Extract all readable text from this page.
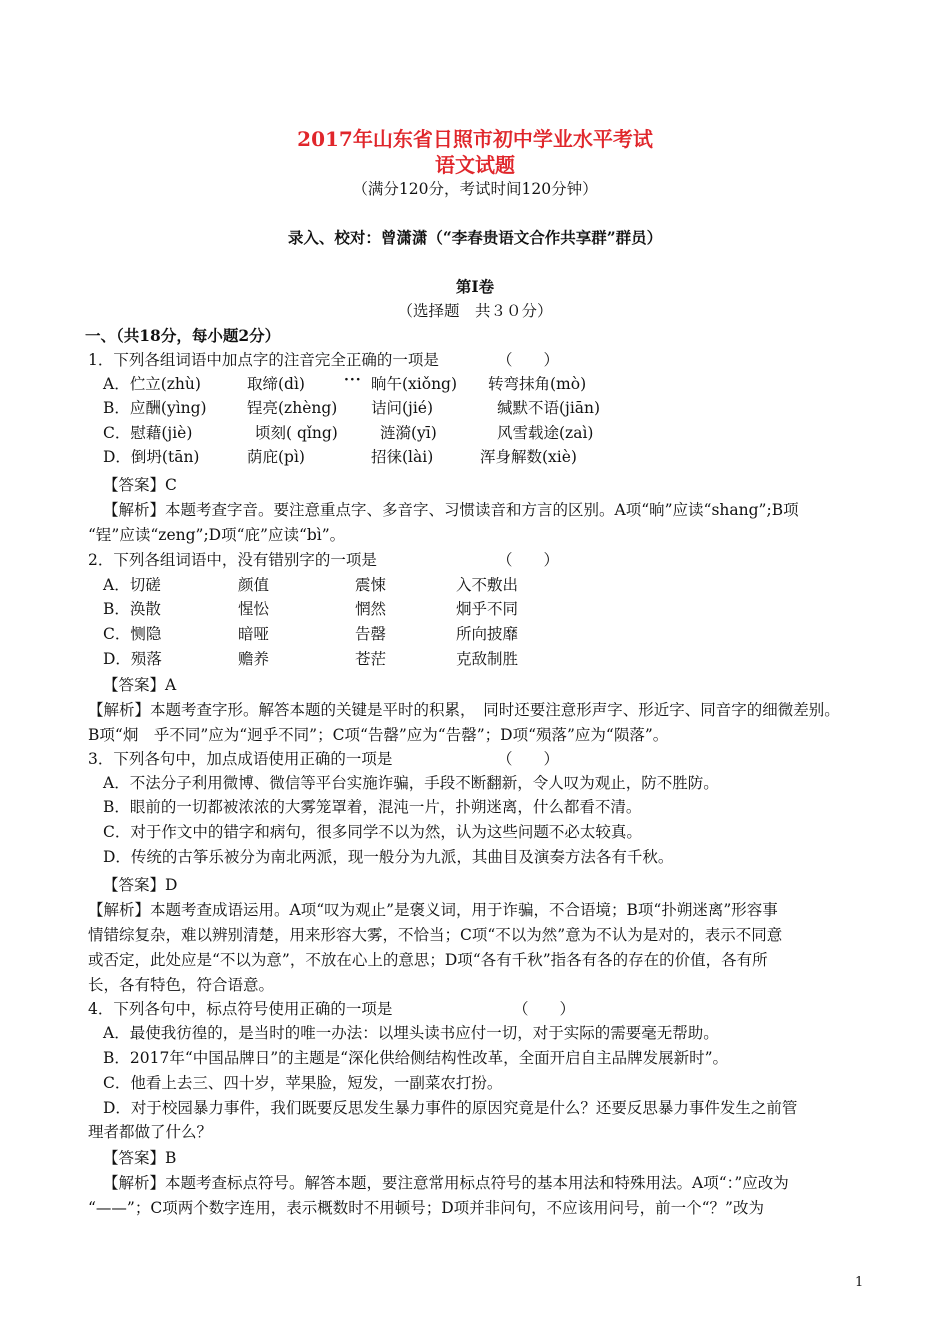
2017年山东省日照市初中学业水平考试
语文试题
（满分120分，考试时间120分钟）
录入、校对：曾潇潇（“李春贵语文合作共享群”群员）
第Ⅰ卷
（选择题　共３０分）
一、（共18分，每小题2分）
1．下列各组词语中加点字的注音完全正确的一项是	（　　）
···
A．伫立(zhù)	取缔(dì)	晌午(xiǒng) 转弯抹角(mò)
B．应酬(yìng)	锃亮(zhèng) 诘问(jié)	缄默不语(jiān)
C．慰藉(jiè)	顷刻( qǐng)	涟漪(yī)	风雪载途(zaì)
D．倒坍(tān)	荫庇(pì)	招徕(lài)	浑身解数(xiè)
【答案】C
【解析】本题考查字音。要注意重点字、多音字、习惯读音和方言的区别。A项“晌”应读“shang”;B项
“锃”应读“zeng”;D项“庇”应读“bì”。
2．下列各组词语中，没有错别字的一项是	（　　）
A．切磋	颜值	震悚	入不敷出
B．涣散	惺忪	惘然	炯乎不同
C．恻隐	暗哑	告罄	所向披靡
D．殒落	赡养	苍茫	克敌制胜
【答案】A
【解析】本题考查字形。解答本题的关键是平时的积累，　同时还要注意形声字、形近字、同音字的细微差别。
B项“炯　乎不同”应为“迥乎不同”；C项“告罄”应为“告罄”；D项“殒落”应为“陨落”。
3．下列各句中，加点成语使用正确的一项是	（　　）
A．不法分子利用微博、微信等平台实施诈骗，手段不断翻新，令人叹为观止，防不胜防。
B．眼前的一切都被浓浓的大雾笼罩着，混沌一片，扑朔迷离，什么都看不清。
C．对于作文中的错字和病句，很多同学不以为然，认为这些问题不必太较真。
D．传统的古筝乐被分为南北两派，现一般分为九派，其曲目及演奏方法各有千秋。
【答案】D
【解析】本题考查成语运用。A项“叹为观止”是褒义词，用于诈骗，不合语境；B项“扑朔迷离”形容事
情错综复杂，难以辨别清楚，用来形容大雾，不恰当；C项“不以为然”意为不认为是对的，表示不同意
或否定，此处应是“不以为意”，不放在心上的意思；D项“各有千秋”指各有各的存在的价值，各有所
长，各有特色，符合语意。
4．下列各句中，标点符号使用正确的一项是	（　　）
A．最使我彷徨的，是当时的唯一办法：以埋头读书应付一切，对于实际的需要毫无帮助。
B．2017年“中国品牌日”的主题是“深化供给侧结构性改革，全面开启自主品牌发展新时”。
C．他看上去三、四十岁，苹果脸，短发，一副菜农打扮。
D．对于校园暴力事件，我们既要反思发生暴力事件的原因究竟是什么？还要反思暴力事件发生之前管
理者都做了什么？
【答案】B
【解析】本题考查标点符号。解答本题，要注意常用标点符号的基本用法和特殊用法。A项“：”应改为
“——”；C项两个数字连用，表示概数时不用顿号；D项并非问句，不应该用问号，前一个“？”改为
1
